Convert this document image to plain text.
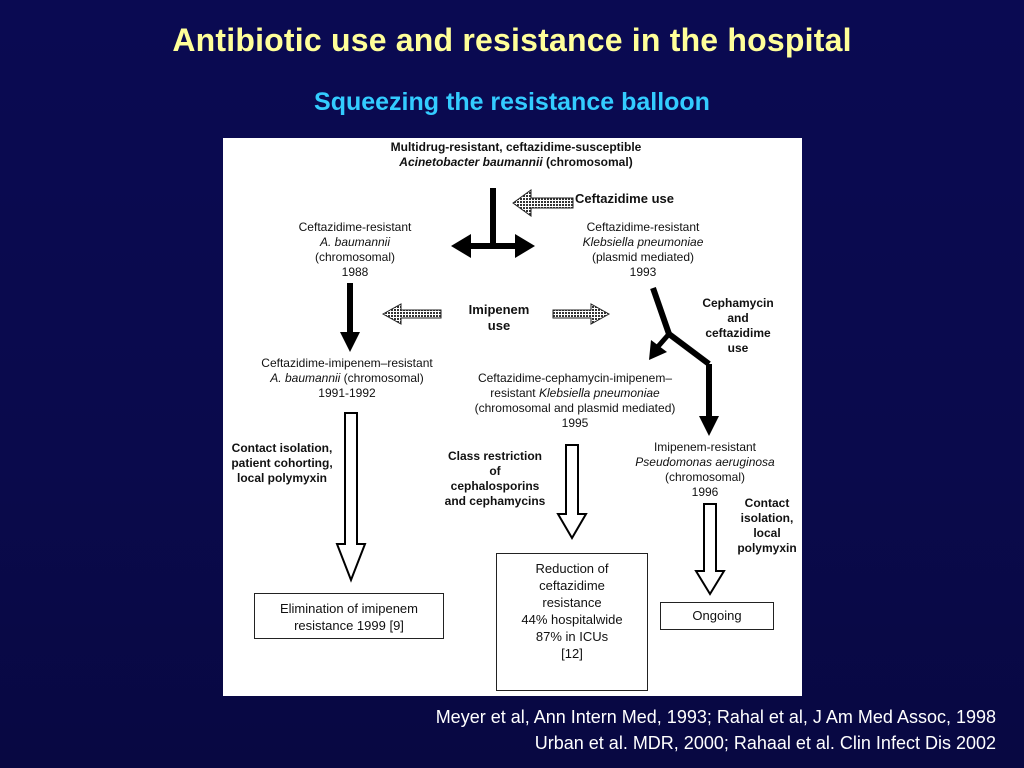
Antibiotic use and resistance in the hospital
Squeezing the resistance balloon
Multidrug-resistant, ceftazidime-susceptible
Acinetobacter baumannii (chromosomal)
Ceftazidime use
Ceftazidime-resistant
A. baumannii
(chromosomal)
1988
Ceftazidime-resistant
Klebsiella pneumoniae
(plasmid mediated)
1993
Imipenem
use
Cephamycin
and
ceftazidime
use
Ceftazidime-imipenem–resistant
A. baumannii (chromosomal)
1991-1992
Ceftazidime-cephamycin-imipenem–
resistant Klebsiella pneumoniae
(chromosomal and plasmid mediated)
1995
Imipenem-resistant
Pseudomonas aeruginosa
(chromosomal)
1996
Contact isolation,
patient cohorting,
local polymyxin
Class restriction
of
cephalosporins
and cephamycins	Contact
isolation,
local
polymyxin
Elimination of imipenem
resistance 1999 [9]
Reduction of
ceftazidime
resistance
44% hospitalwide
87% in ICUs
[12]
Ongoing
Meyer et al, Ann Intern Med, 1993; Rahal et al, J Am Med Assoc, 1998
Urban et al. MDR, 2000; Rahaal et al. Clin Infect Dis 2002
